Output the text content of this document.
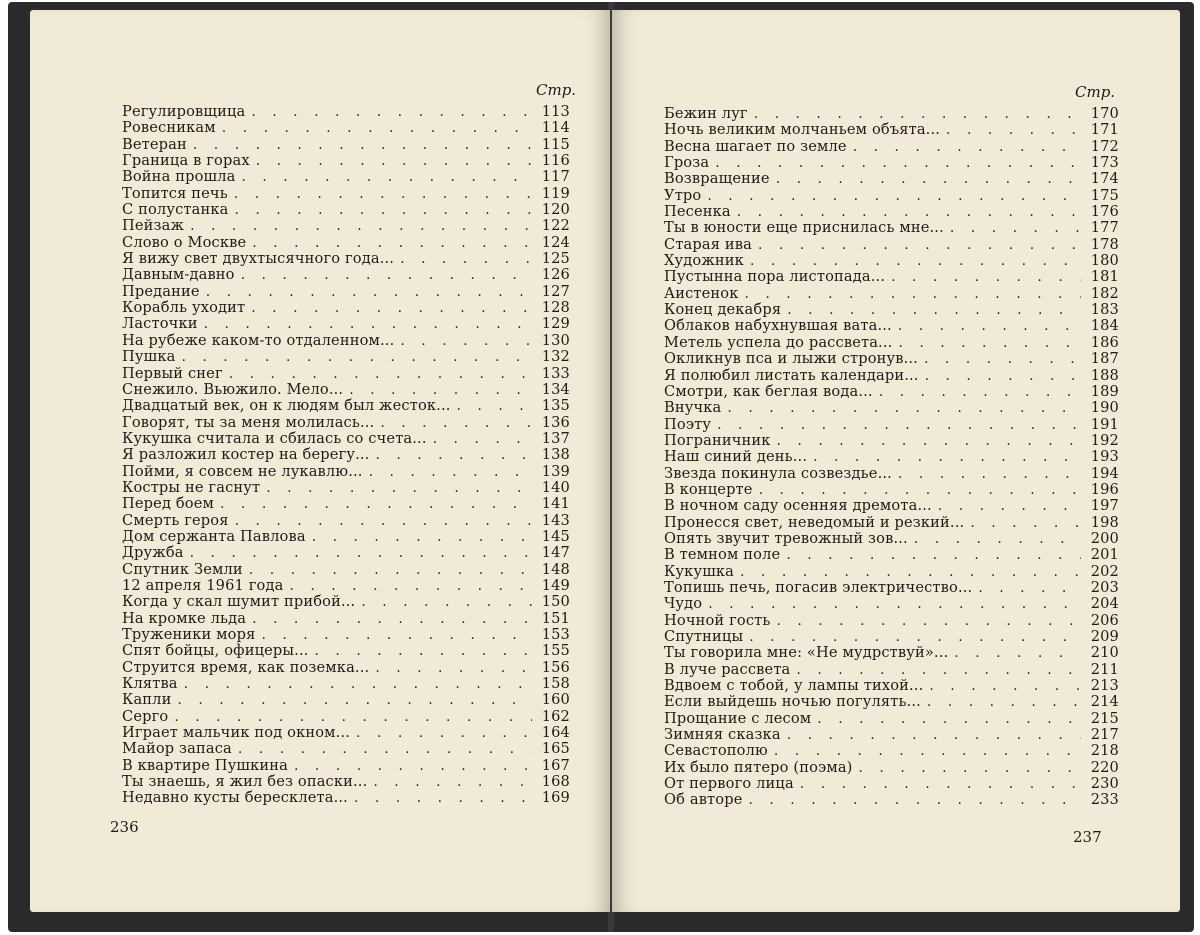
Стр.
Регулировщица . . .	113
Ровесникам . . .	114
Ветеран . . .	115
Граница в горах . . .	116
Война прошла . . .	117
Топится печь . . .	119
С полустанка . . .	120
Пейзаж . . .	122
Слово о Москве . . .	124
Я вижу свет двухтысячного года... . . .	125
Давным-давно . . .	126
Предание . . .	127
Корабль уходит . . .	128
Ласточки . . .	129
На рубеже каком-то отдаленном... . . .	130
Пушка . . .	132
Первый снег . . .	133
Снежило. Вьюжило. Мело... . . .	134
Двадцатый век, он к людям был жесток... . . .	135
Говорят, ты за меня молилась... . . .	136
Кукушка считала и сбилась со счета... . . .	137
Я разложил костер на берегу... . . .	138
Пойми, я совсем не лукавлю... . . .	139
Костры не гаснут . . .	140
Перед боем . . .	141
Смерть героя . . .	143
Дом сержанта Павлова . . .	145
Дружба . . .	147
Спутник Земли . . .	148
12 апреля 1961 года . . .	149
Когда у скал шумит прибой... . . .	150
На кромке льда . . .	151
Труженики моря . . .	153
Спят бойцы, офицеры... . . .	155
Струится время, как поземка... . . .	156
Клятва . . .	158
Капли . . .	160
Серго . . .	162
Играет мальчик под окном... . . .	164
Майор запаса . . .	165
В квартире Пушкина . . .	167
Ты знаешь, я жил без опаски... . . .	168
Недавно кусты бересклета... . . .	169
236
Стр.
Бежин луг . . .	170
Ночь великим молчаньем объята... . . .	171
Весна шагает по земле . . .	172
Гроза . . .	173
Возвращение . . .	174
Утро . . .	175
Песенка . . .	176
Ты в юности еще приснилась мне... . . .	177
Старая ива . . .	178
Художник . . .	180
Пустынна пора листопада... . . .	181
Аистенок . . .	182
Конец декабря . . .	183
Облаков набухнувшая вата... . . .	184
Метель успела до рассвета... . . .	186
Окликнув пса и лыжи стронув... . . .	187
Я полюбил листать календари... . . .	188
Смотри, как беглая вода... . . .	189
Внучка . . .	190
Поэту . . .	191
Пограничник . . .	192
Наш синий день... . . .	193
Звезда покинула созвездье... . . .	194
В концерте . . .	196
В ночном саду осенняя дремота... . . .	197
Пронесся свет, неведомый и резкий... . . .	198
Опять звучит тревожный зов... . . .	200
В темном поле . . .	201
Кукушка . . .	202
Топишь печь, погасив электричество... . . .	203
Чудо . . .	204
Ночной гость . . .	206
Спутницы . . .	209
Ты говорила мне: «Не мудрствуй»... . . .	210
В луче рассвета . . .	211
Вдвоем с тобой, у лампы тихой... . . .	213
Если выйдешь ночью погулять... . . .	214
Прощание с лесом . . .	215
Зимняя сказка . . .	217
Севастополю . . .	218
Их было пятеро (поэма) . . .	220
От первого лица . . .	230
Об авторе . . .	233
237
